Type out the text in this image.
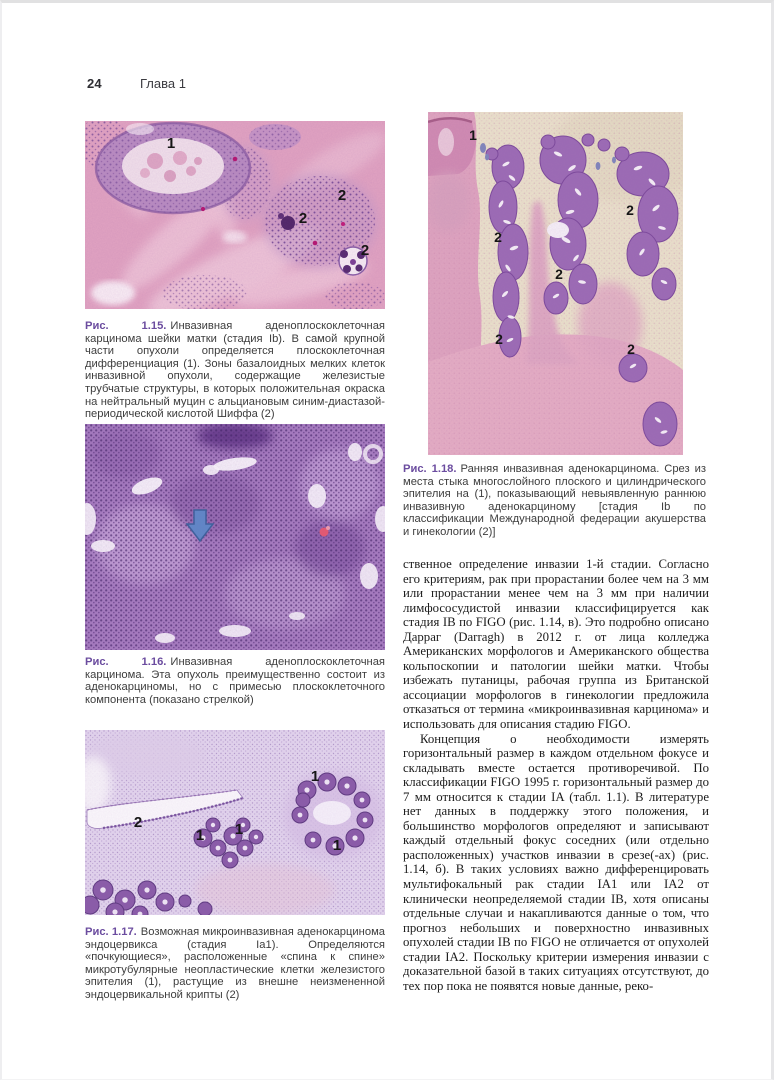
24	Глава 1
1
2
2
2
Рис. 1.15. Инвазивная аденоплоскоклеточная карцинома шейки матки (стадия Ib). В самой крупной части опухоли определяется плоскоклеточная дифференциация (1). Зоны базалоидных мелких клеток инвазивной опухоли, содержащие железистые трубчатые структуры, в которых положительная окраска на нейтральный муцин с альциановым синим-диастазой-периодической кислотой Шиффа (2)
Рис. 1.16. Инвазивная аденоплоскоклеточная карцинома. Эта опухоль преимущественно состоит из аденокарциномы, но с примесью плоскоклеточного компонента (показано стрелкой)
2
1 1
1
1
Рис. 1.17. Возможная микроинвазивная аденокарцинома эндоцервикса (стадия Ia1). Определяются «почкующиеся», расположенные «спина к спине» микротубулярные неопластические клетки железистого эпителия (1), растущие из внешне неизмененной эндоцервикальной крипты (2)
1
2
2
2
2
2
Рис. 1.18. Ранняя инвазивная аденокарцинома. Срез из места стыка многослойного плоского и цилиндрического эпителия на (1), показывающий невыявленную раннюю инвазивную аденокарциному [стадия Ib по классификации Международной федерации акушерства и гинекологии (2)]

ственное определение инвазии 1-й стадии. Согласно его критериям, рак при прорастании более чем на 3 мм или прорастании менее чем на 3 мм при наличии лимфососудистой инвазии классифицируется как стадия IB по FIGO (рис. 1.14, в). Это подробно описано Дарраг (Darragh) в 2012 г. от лица колледжа Американских морфологов и Американского общества кольпоскопии и патологии шейки матки. Чтобы избежать путаницы, рабочая группа из Британской ассоциации морфологов в гинекологии предложила отказаться от термина «микроинвазивная карцинома» и использовать для описания стадию FIGO.

Концепция о необходимости измерять горизонтальный размер в каждом отдельном фокусе и складывать вместе остается противоречивой. По классификации FIGO 1995 г. горизонтальный размер до 7 мм относится к стадии IA (табл. 1.1). В литературе нет данных в поддержку этого положения, и большинство морфологов определяют и записывают каждый отдельный фокус соседних (или отдельно расположенных) участков инвазии в срезе(-ах) (рис. 1.14, б). В таких условиях важно дифференцировать мультифокальный рак стадии IA1 или IA2 от клинически неопределяемой стадии IB, хотя описаны отдельные случаи и накапливаются данные о том, что прогноз небольших и поверхностно инвазивных опухолей стадии IB по FIGO не отличается от опухолей стадии IA2. Поскольку критерии измерения инвазии с доказательной базой в таких ситуациях отсутствуют, до тех пор пока не появятся новые данные, реко-
